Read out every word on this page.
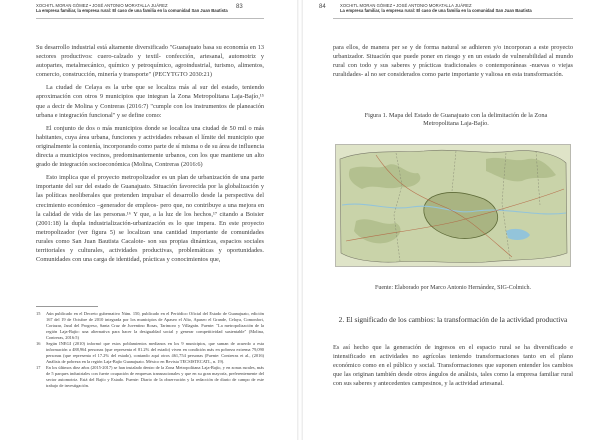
XOCHITL MORAN GÓMEZ • JOSÉ ANTONIO MORATALLA JUÁREZ
La empresa familiar, la empresa rural: El caso de una familia en la comunidad San Juan Bautista
83

Su desarrollo industrial está altamente diversificado "Guanajuato basa su economía en 13 sectores productivos: cuero-calzado y textil- confección, artesanal, automotriz y autopartes, metalmecánico, químico y petroquímico, agroindustrial, turismo, alimentos, comercio, construcción, minería y transporte" (PECYTGTO 2030:21)

La ciudad de Celaya es la urbe que se localiza más al sur del estado, teniendo aproximación con otros 9 municipios que integran la Zona Metropolitana Laja-Bajío,¹⁵ que a decir de Molina y Contreras (2016:7) "cumple con los instrumentos de planeación urbana e integración funcional" y se define como:

El conjunto de dos o más municipios donde se localiza una ciudad de 50 mil o más habitantes, cuya área urbana, funciones y actividades rebasan el límite del municipio que originalmente la contenía, incorporando como parte de sí misma o de su área de influencia directa a municipios vecinos, predominantemente urbanos, con los que mantiene un alto grado de integración socioeconómica (Molina, Contreras (2016:6)

Esto implica que el proyecto metropolizador es un plan de urbanización de una parte importante del sur del estado de Guanajuato. Situación favorecida por la globalización y las políticas neoliberales que pretenden impulsar el desarrollo desde la perspectiva del crecimiento económico –generador de empleos- pero que, no contribuye a una mejora en la calidad de vida de las personas.¹⁶ Y que, a la luz de los hechos,¹⁷ citando a Boisier (2001:18) la dupla industrialización-urbanización es lo que impera. En este proyecto metropolizador (ver figura 5) se localizan una cantidad importante de comunidades rurales como San Juan Bautista Cacalote- son sus propias dinámicas, espacios sociales territoriales y culturales, actividades productivas, problemáticas y oportunidades. Comunidades con una carga de identidad, prácticas y conocimientos que,

15	Aún publicado en el Decreto gubernativo Núm. 150, publicado en el Periódico Oficial del Estado de Guanajuato, edición 167 del 19 de Octubre de 2010 integrada por los municipios de Apaseo el Alto, Apaseo el Grande, Celaya, Comonfort, Cortazar, Jaral del Progreso, Santa Cruz de Juventino Rosas, Tarimoro y Villagrán. Fuente: "La metropolización de la región Laja-Bajío: una alternativa para hacer la desigualdad social y generar competitividad sustentable" (Molina, Contreras, 2016:5)
16	Según INEGI (2010) informó que estos poblamientos medianos en los 9 municipios, que suman de acuerdo a esta información a 488,964 personas (que representa el 81.2% del estado) viven en condición más en pobreza extrema 79,090 personas (que representa el 17.2% del estado), contando aquí otros 461,754 personas (Fuente: Contreras et al., (2016) Análisis de pobreza en la región Laja-Bajío Guanajuato. México en Revista TECSISTECATL, n. 19).
17	En los últimos diez años (2015-2017) se han instalado dentro de la Zona Metropolitana Laja-Bajío, y en zonas rurales, más de 5 parques industriales con fuerte ocupación de empresas transnacionales y que en su gran mayoría, preferentemente del sector automotriz. Está del Bajío y Estado. Fuente: Diario de la observación y la redacción de diario de campo de este trabajo de investigación.
84	XOCHITL MORAN GÓMEZ • JOSÉ ANTONIO MORATALLA JUÁREZ
La empresa familiar, la empresa rural: El caso de una familia en la comunidad San Juan Bautista

para ellos, de manera per se y de forma natural se adhieren y/o incorporan a este proyecto urbanizador. Situación que puede poner en riesgo y en un estado de vulnerabilidad al mundo rural con todo y sus saberes y prácticas tradicionales o contemporáneas -nuevas o viejas ruralidades- al no ser considerados como parte importante y valiosa en esta transformación.

Figura 1. Mapa del Estado de Guanajuato con la delimitación de la Zona Metropolitana Laja-Bajío.
Fuente: Elaborado por Marco Antonio Hernández, SIG-Colmich.
2. El significado de los cambios: la transformación de la actividad productiva

Es así hecho que la generación de ingresos en el espacio rural se ha diversificado e intensificado en actividades no agrícolas teniendo transformaciones tanto en el plano económico como en el público y social. Transformaciones que suponen entender los cambios que las originan también desde otros ángulos de análisis, tales como la empresa familiar rural con sus saberes y antecedentes campesinos, y la actividad artesanal.
